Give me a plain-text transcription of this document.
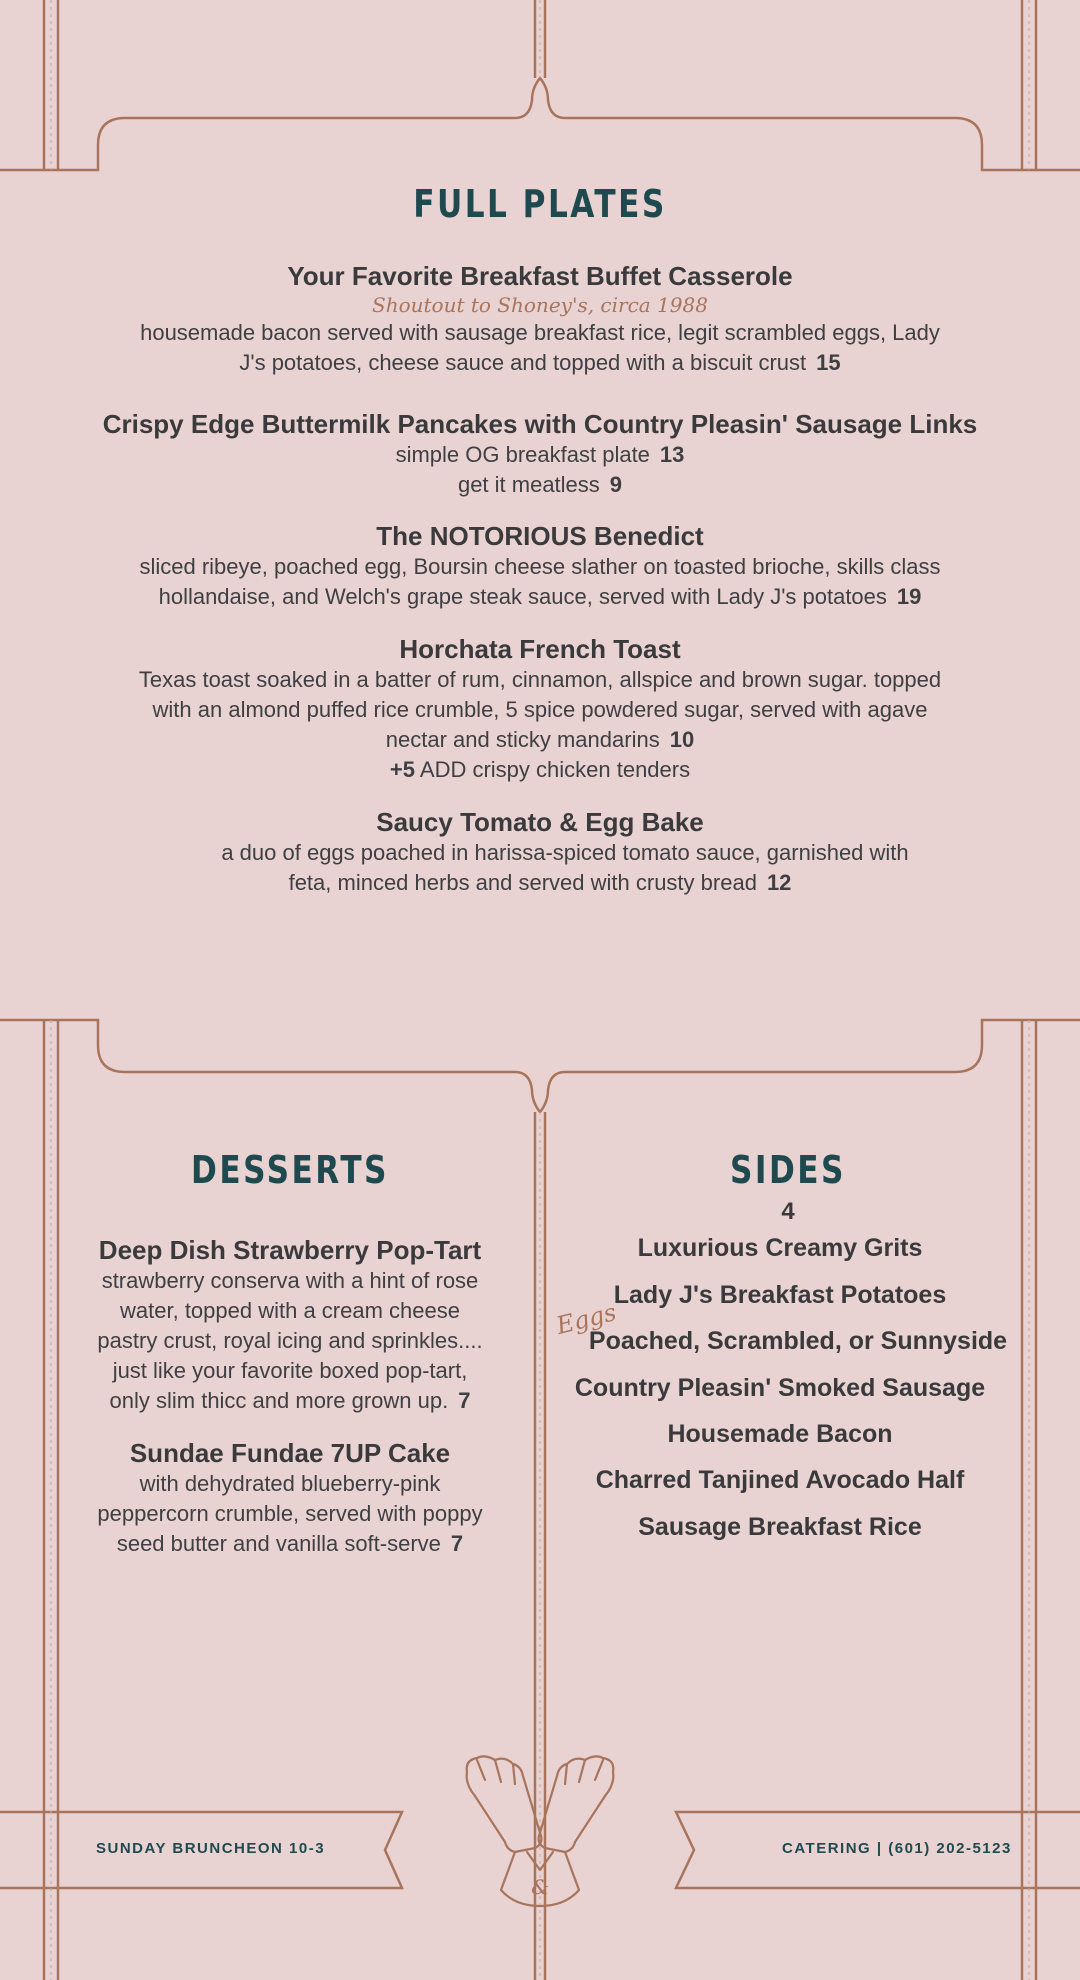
FULL PLATES
Your Favorite Breakfast Buffet Casserole
Shoutout to Shoney's, circa 1988
housemade bacon served with sausage breakfast rice, legit scrambled eggs, Lady
J's potatoes, cheese sauce and topped with a biscuit crust 15
Crispy Edge Buttermilk Pancakes with Country Pleasin' Sausage Links
simple OG breakfast plate 13
get it meatless 9
The NOTORIOUS Benedict
sliced ribeye, poached egg, Boursin cheese slather on toasted brioche, skills class
hollandaise, and Welch's grape steak sauce, served with Lady J's potatoes 19
Horchata French Toast
Texas toast soaked in a batter of rum, cinnamon, allspice and brown sugar. topped
with an almond puffed rice crumble, 5 spice powdered sugar, served with agave
nectar and sticky mandarins 10
+5 ADD crispy chicken tenders
Saucy Tomato & Egg Bake
a duo of eggs poached in harissa-spiced tomato sauce, garnished with
feta, minced herbs and served with crusty bread 12
DESSERTS
Deep Dish Strawberry Pop-Tart
strawberry conserva with a hint of rose
water, topped with a cream cheese
pastry crust, royal icing and sprinkles....
just like your favorite boxed pop-tart,
only slim thicc and more grown up. 7
Sundae Fundae 7UP Cake
with dehydrated blueberry-pink
peppercorn crumble, served with poppy
seed butter and vanilla soft-serve 7
SIDES
4
Luxurious Creamy Grits
Lady J's Breakfast Potatoes
Eggs
Poached, Scrambled, or Sunnyside
Country Pleasin' Smoked Sausage
Housemade Bacon
Charred Tanjined Avocado Half
Sausage Breakfast Rice
SUNDAY BRUNCHEON 10-3	CATERING | (601) 202-5123
&
